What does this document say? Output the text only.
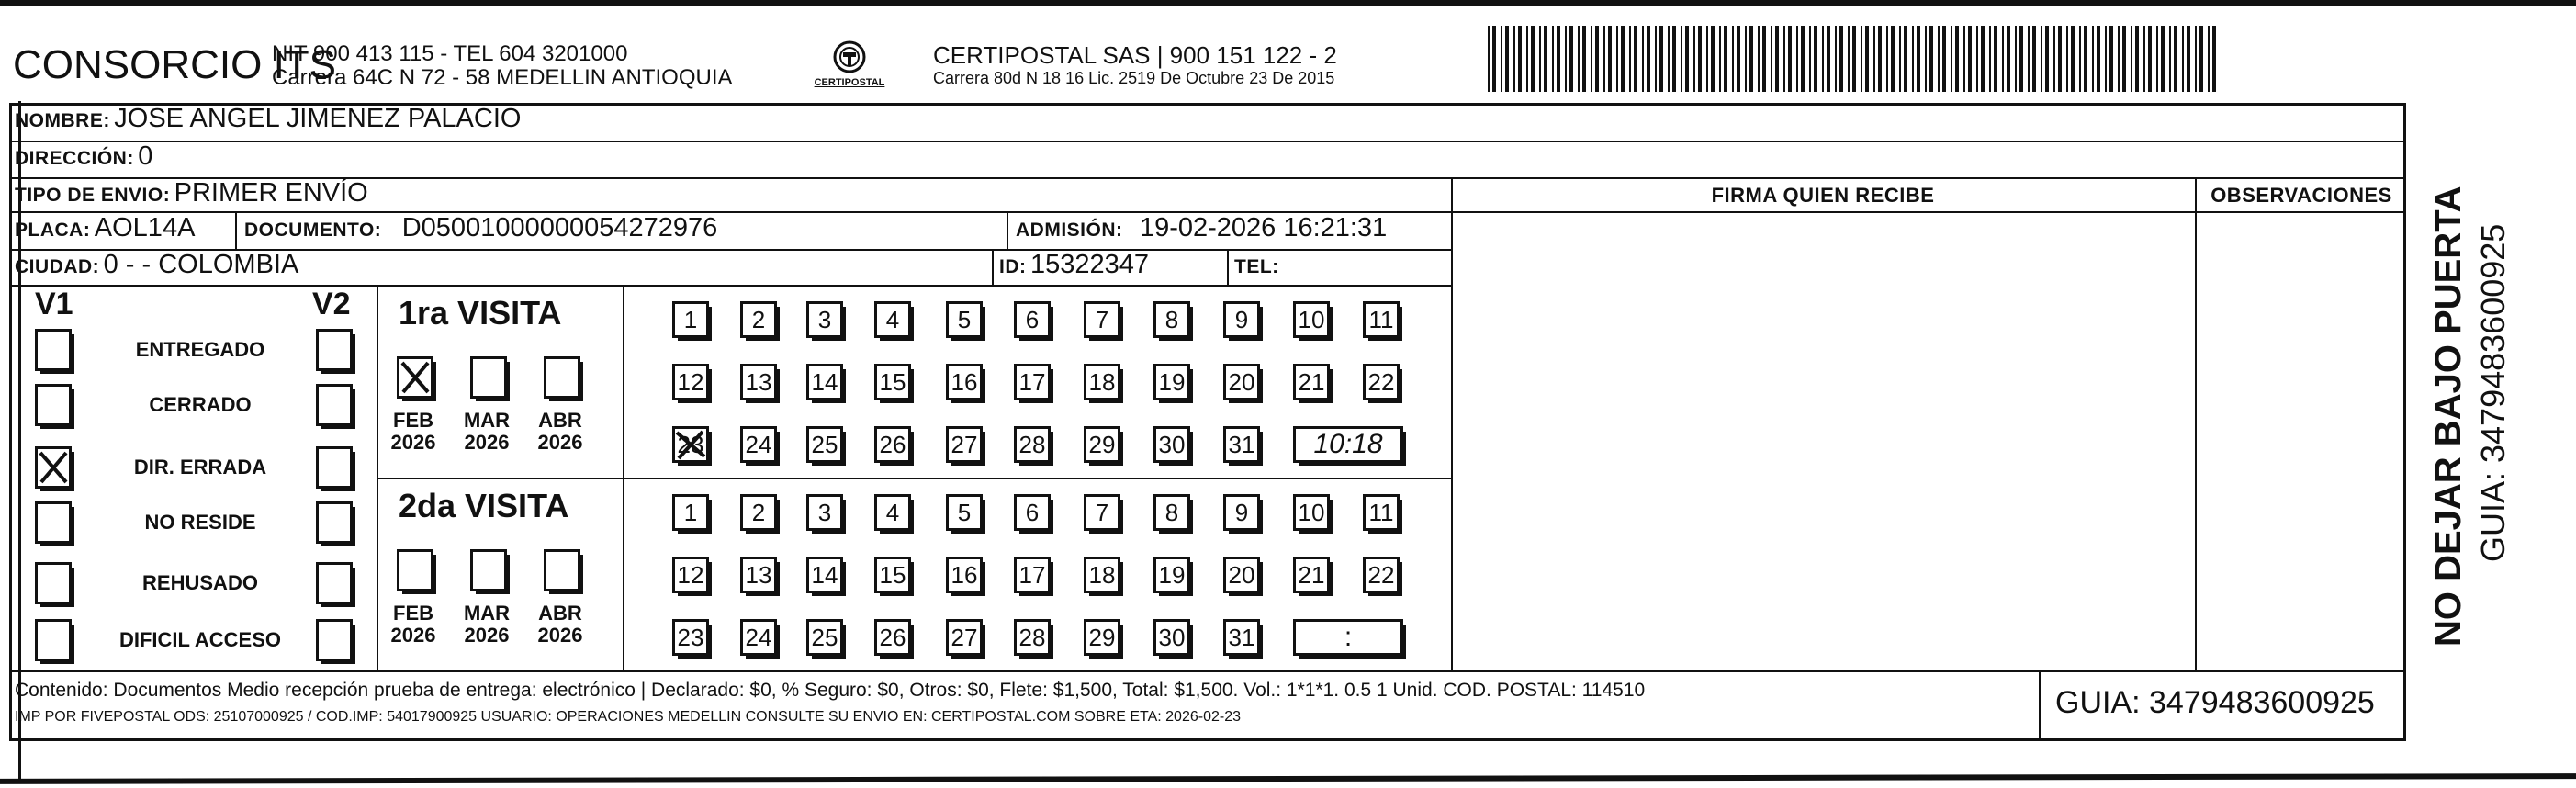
CONSORCIO ITS
NIT 900 413 115 - TEL 604 3201000
Carrera 64C N 72 - 58 MEDELLIN ANTIOQUIA	CERTIPOSTAL
CERTIPOSTAL SAS | 900 151 122 - 2
Carrera 80d N 18 16 Lic. 2519 De Octubre 23 De 2015
NOMBRE: JOSE ANGEL JIMENEZ PALACIO
DIRECCIÓN: 0
TIPO DE ENVIO: PRIMER ENVÍO
PLACA: AOL14A	DOCUMENTO: D05001000000054272976	ADMISIÓN: 19-02-2026 16:21:31
CIUDAD: 0 - - COLOMBIA	ID: 15322347	TEL:
FIRMA QUIEN RECIBE	OBSERVACIONES
V1	V2
ENTREGADO
CERRADO
DIR. ERRADA
NO RESIDE
REHUSADO
DIFICIL ACCESO
1ra VISITA
FEB
2026
MAR
2026
ABR
2026
1	2	3	4	5	6	7	8	9	10 11
12 13 14 15 16 17 18 19 20 21 22
23 24 25 26 27 28 29 30 31	10:18
2da VISITA
FEB
2026
MAR
2026
ABR
2026
1	2	3	4	5	6	7	8	9	10 11
12 13 14 15 16 17 18 19 20 21 22
23 24 25 26 27 28 29 30 31	:
Contenido: Documentos Medio recepción prueba de entrega: electrónico | Declarado: $0, % Seguro: $0, Otros: $0, Flete: $1,500, Total: $1,500. Vol.: 1*1*1. 0.5 1 Unid. COD. POSTAL: 114510
IMP POR FIVEPOSTAL ODS: 25107000925 / COD.IMP: 54017900925 USUARIO: OPERACIONES MEDELLIN CONSULTE SU ENVIO EN: CERTIPOSTAL.COM SOBRE ETA: 2026-02-23	GUIA: 3479483600925
NO DEJAR BAJO PUERTA GUIA: 3479483600925
